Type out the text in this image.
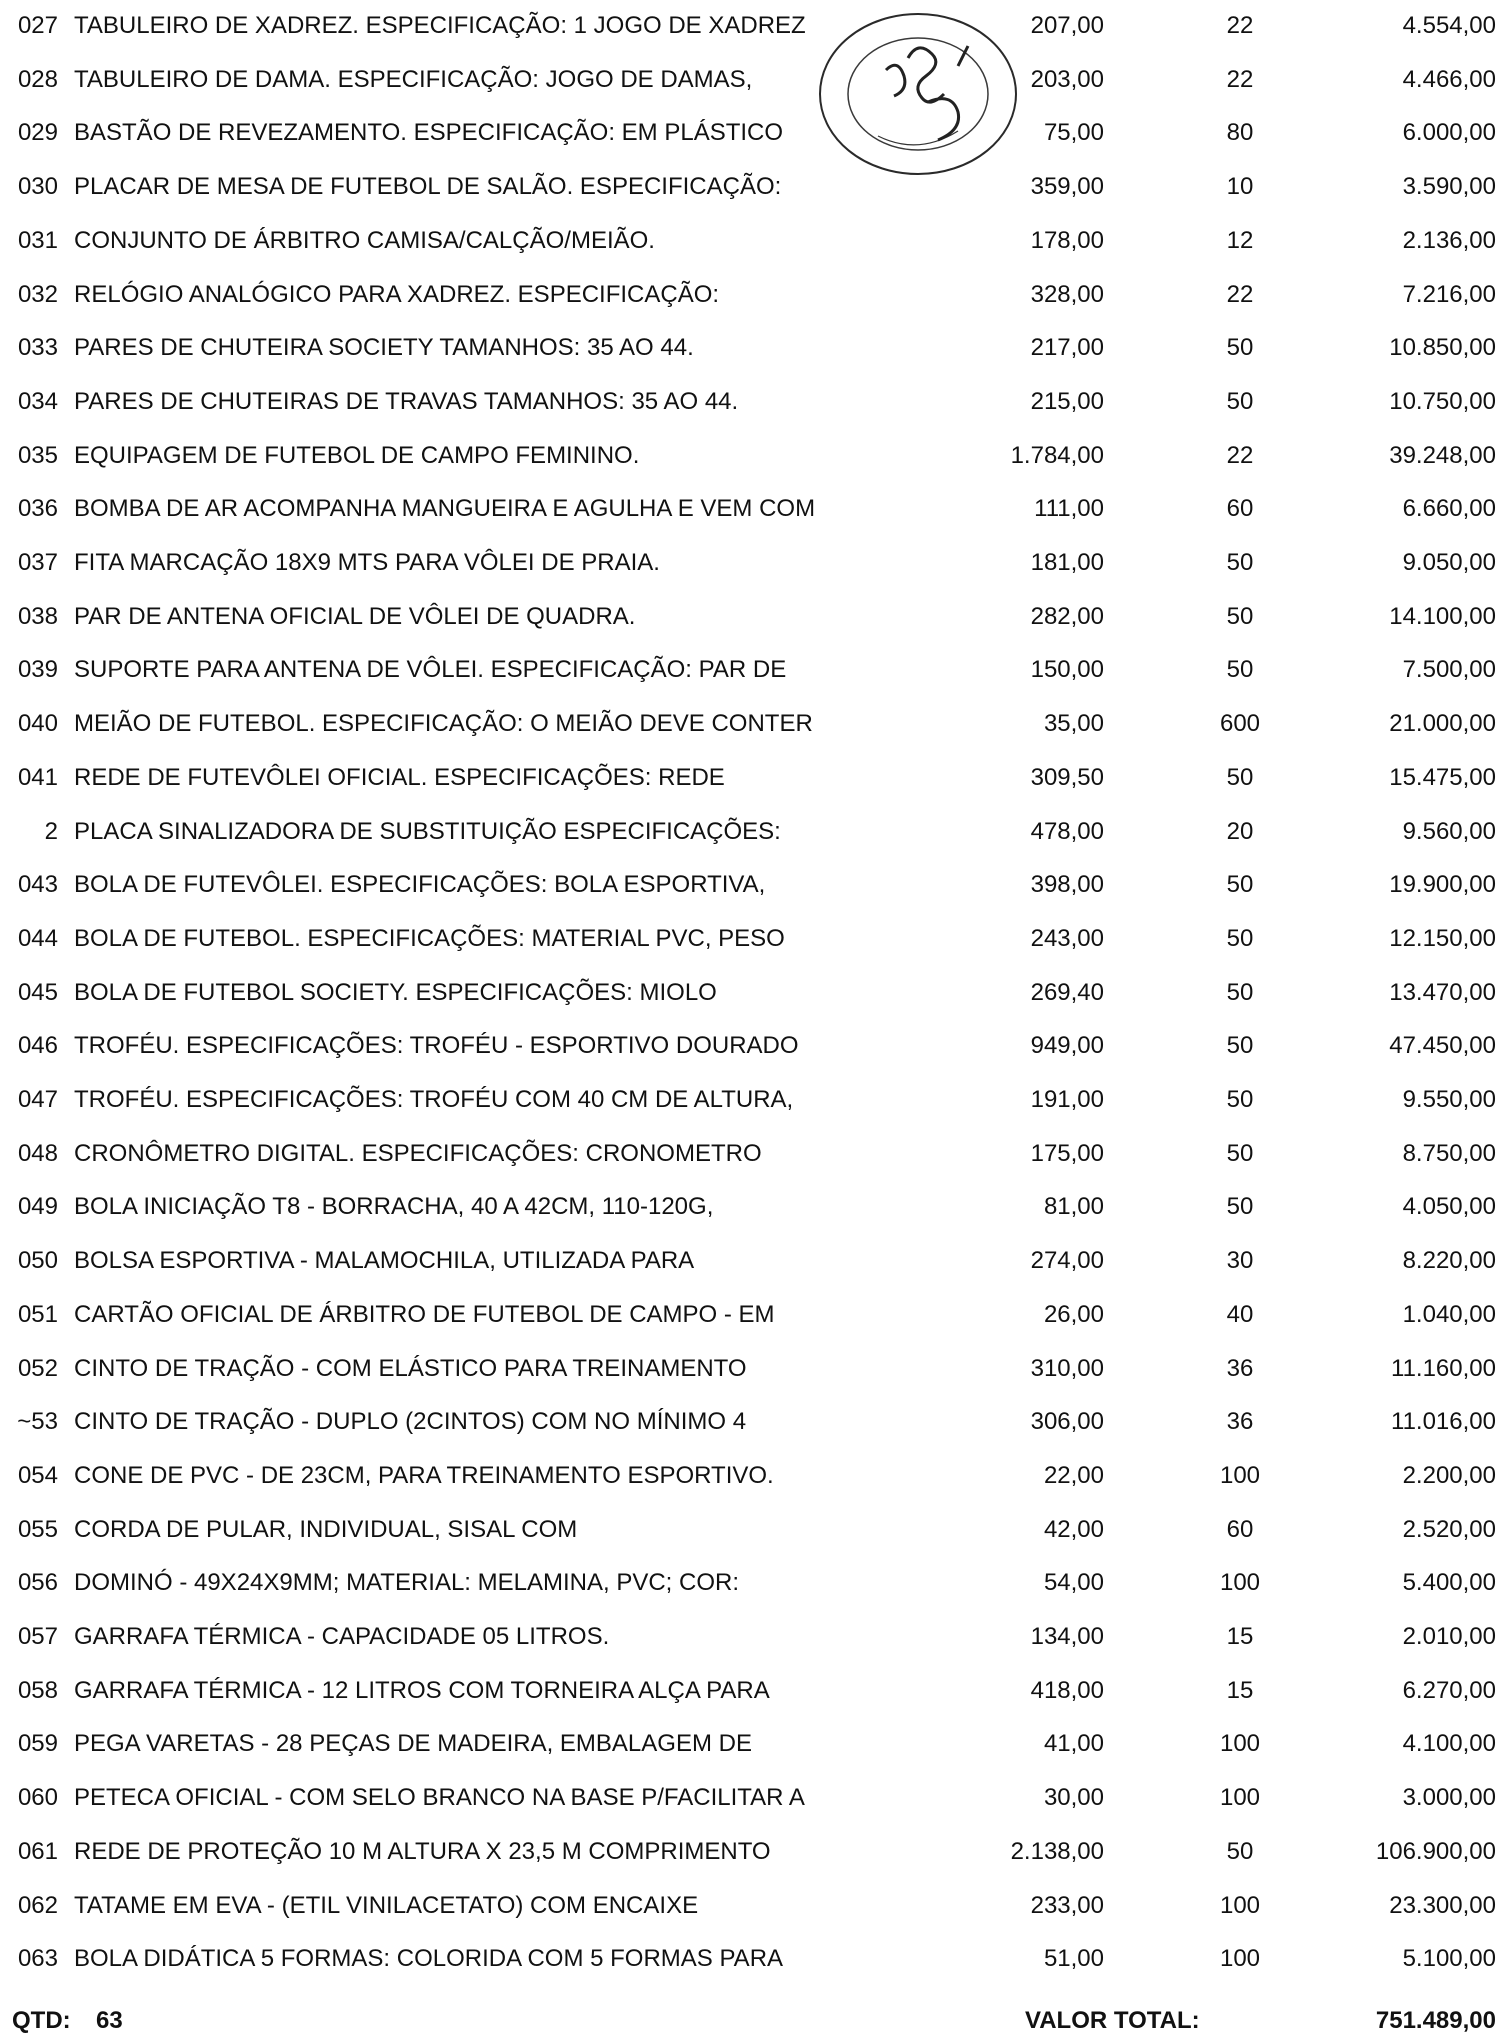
027 TABULEIRO DE XADREZ. ESPECIFICAÇÃO: 1 JOGO DE XADREZ	207,00	22	4.554,00
028 TABULEIRO DE DAMA. ESPECIFICAÇÃO: JOGO DE DAMAS,	203,00	22	4.466,00
029 BASTÃO DE REVEZAMENTO. ESPECIFICAÇÃO: EM PLÁSTICO	75,00	80	6.000,00
030 PLACAR DE MESA DE FUTEBOL DE SALÃO. ESPECIFICAÇÃO:	359,00	10	3.590,00
031 CONJUNTO DE ÁRBITRO CAMISA/CALÇÃO/MEIÃO.	178,00	12	2.136,00
032 RELÓGIO ANALÓGICO PARA XADREZ. ESPECIFICAÇÃO:	328,00	22	7.216,00
033 PARES DE CHUTEIRA SOCIETY TAMANHOS: 35 AO 44.	217,00	50	10.850,00
034 PARES DE CHUTEIRAS DE TRAVAS TAMANHOS: 35 AO 44.	215,00	50	10.750,00
035 EQUIPAGEM DE FUTEBOL DE CAMPO FEMININO.	1.784,00	22	39.248,00
036 BOMBA DE AR ACOMPANHA MANGUEIRA E AGULHA E VEM COM	111,00	60	6.660,00
037 FITA MARCAÇÃO 18X9 MTS PARA VÔLEI DE PRAIA.	181,00	50	9.050,00
038 PAR DE ANTENA OFICIAL DE VÔLEI DE QUADRA.	282,00	50	14.100,00
039 SUPORTE PARA ANTENA DE VÔLEI. ESPECIFICAÇÃO: PAR DE	150,00	50	7.500,00
040 MEIÃO DE FUTEBOL. ESPECIFICAÇÃO: O MEIÃO DEVE CONTER	35,00	600	21.000,00
041 REDE DE FUTEVÔLEI OFICIAL. ESPECIFICAÇÕES: REDE	309,50	50	15.475,00
2 PLACA SINALIZADORA DE SUBSTITUIÇÃO ESPECIFICAÇÕES:	478,00	20	9.560,00
043 BOLA DE FUTEVÔLEI. ESPECIFICAÇÕES: BOLA ESPORTIVA,	398,00	50	19.900,00
044 BOLA DE FUTEBOL. ESPECIFICAÇÕES: MATERIAL PVC, PESO	243,00	50	12.150,00
045 BOLA DE FUTEBOL SOCIETY. ESPECIFICAÇÕES: MIOLO	269,40	50	13.470,00
046 TROFÉU. ESPECIFICAÇÕES: TROFÉU - ESPORTIVO DOURADO	949,00	50	47.450,00
047 TROFÉU. ESPECIFICAÇÕES: TROFÉU COM 40 CM DE ALTURA,	191,00	50	9.550,00
048 CRONÔMETRO DIGITAL. ESPECIFICAÇÕES: CRONOMETRO	175,00	50	8.750,00
049 BOLA INICIAÇÃO T8 - BORRACHA, 40 A 42CM, 110-120G,	81,00	50	4.050,00
050 BOLSA ESPORTIVA - MALAMOCHILA, UTILIZADA PARA	274,00	30	8.220,00
051 CARTÃO OFICIAL DE ÁRBITRO DE FUTEBOL DE CAMPO - EM	26,00	40	1.040,00
052 CINTO DE TRAÇÃO - COM ELÁSTICO PARA TREINAMENTO	310,00	36	11.160,00
~53 CINTO DE TRAÇÃO - DUPLO (2CINTOS) COM NO MÍNIMO 4	306,00	36	11.016,00
054 CONE DE PVC - DE 23CM, PARA TREINAMENTO ESPORTIVO.	22,00	100	2.200,00
055 CORDA DE PULAR, INDIVIDUAL, SISAL COM	42,00	60	2.520,00
056 DOMINÓ - 49X24X9MM; MATERIAL: MELAMINA, PVC; COR:	54,00	100	5.400,00
057 GARRAFA TÉRMICA - CAPACIDADE 05 LITROS.	134,00	15	2.010,00
058 GARRAFA TÉRMICA - 12 LITROS COM TORNEIRA ALÇA PARA	418,00	15	6.270,00
059 PEGA VARETAS - 28 PEÇAS DE MADEIRA, EMBALAGEM DE	41,00	100	4.100,00
060 PETECA OFICIAL - COM SELO BRANCO NA BASE P/FACILITAR A	30,00	100	3.000,00
061 REDE DE PROTEÇÃO 10 M ALTURA X 23,5 M COMPRIMENTO	2.138,00	50	106.900,00
062 TATAME EM EVA - (ETIL VINILACETATO) COM ENCAIXE	233,00	100	23.300,00
063 BOLA DIDÁTICA 5 FORMAS: COLORIDA COM 5 FORMAS PARA	51,00	100	5.100,00
QTD: 63	VALOR TOTAL:	751.489,00
